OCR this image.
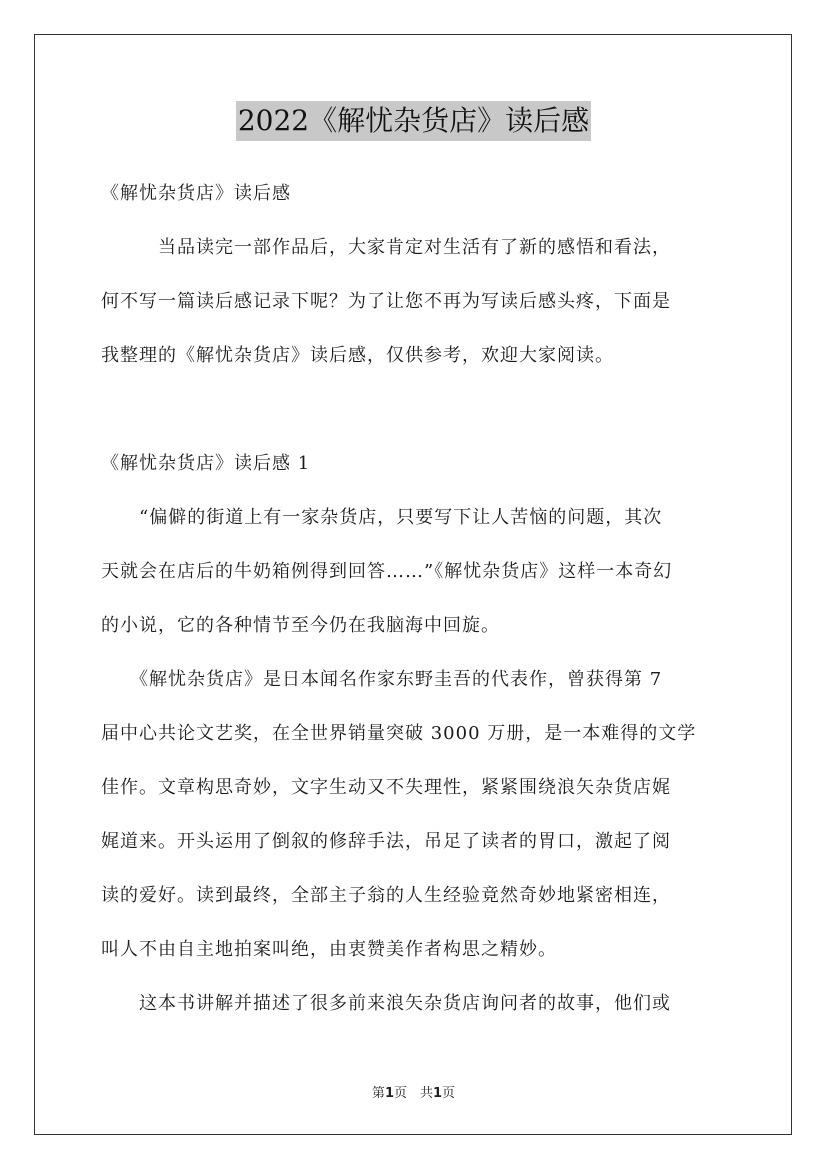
2022《解忧杂货店》读后感
《解忧杂货店》读后感
　　　当品读完一部作品后，大家肯定对生活有了新的感悟和看法，
何不写一篇读后感记录下呢？为了让您不再为写读后感头疼，下面是
我整理的《解忧杂货店》读后感，仅供参考，欢迎大家阅读。
《解忧杂货店》读后感 1
　　“偏僻的街道上有一家杂货店，只要写下让人苦恼的问题，其次
天就会在店后的牛奶箱例得到回答……”《解忧杂货店》这样一本奇幻
的小说，它的各种情节至今仍在我脑海中回旋。
　　《解忧杂货店》是日本闻名作家东野圭吾的代表作，曾获得第 7
届中心共论文艺奖，在全世界销量突破 3000 万册，是一本难得的文学
佳作。文章构思奇妙，文字生动又不失理性，紧紧围绕浪矢杂货店娓
娓道来。开头运用了倒叙的修辞手法，吊足了读者的胃口，激起了阅
读的爱好。读到最终，全部主子翁的人生经验竟然奇妙地紧密相连，
叫人不由自主地拍案叫绝，由衷赞美作者构思之精妙。
　　这本书讲解并描述了很多前来浪矢杂货店询问者的故事，他们或
第1页　共1页
